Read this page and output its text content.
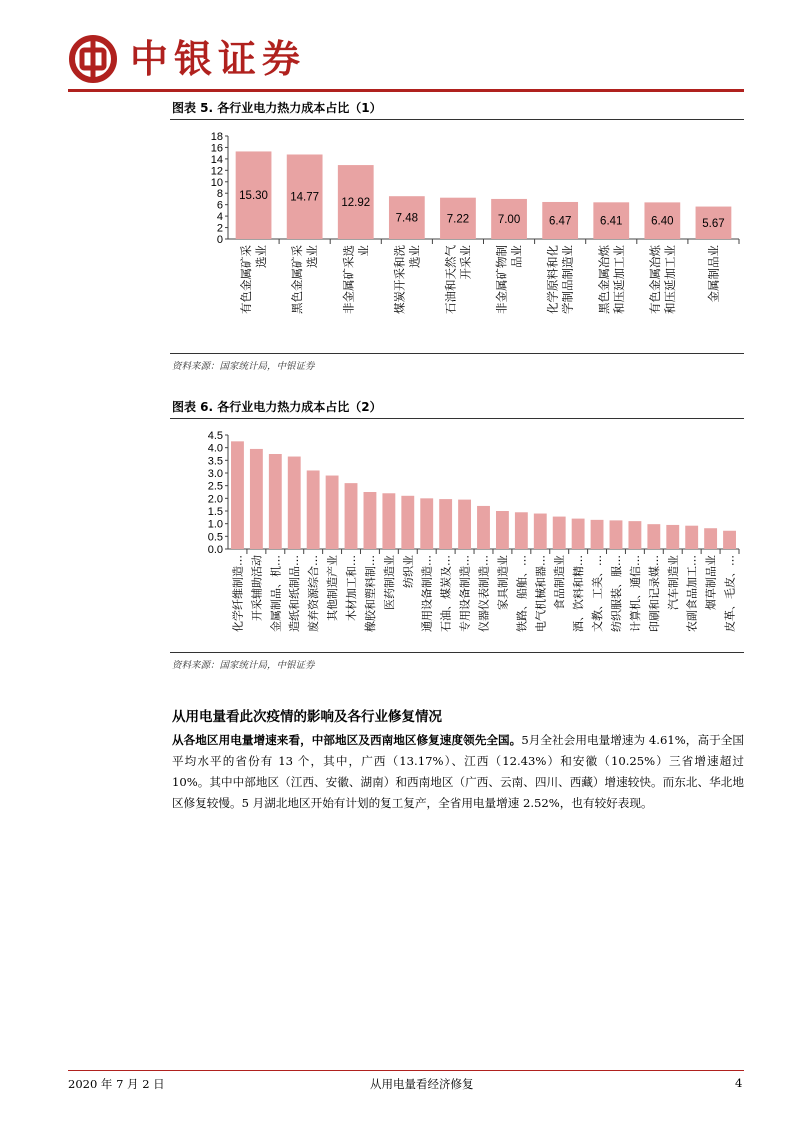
中银证券
图表 5. 各行业电力热力成本占比（1）
0
2
4
6
8
10
12
14
16
18
15.30
有色金属矿采 选业
14.77
黑色金属矿采 选业
12.92
非金属矿采选 业
7.48
煤炭开采和洗 选业
7.22
石油和天然气 开采业
7.00
非金属矿物制 品业
6.47
化学原料和化 学制品制造业
6.41
黑色金属冶炼 和压延加工业
6.40
有色金属冶炼 和压延加工业
5.67
金属制品业
资料来源：国家统计局，中银证券
图表 6. 各行业电力热力成本占比（2）
0.0
0.5
1.0
1.5
2.0
2.5
3.0
3.5
4.0
4.5
化学纤维制造… 开采辅助活动 金属制品、机… 造纸和纸制品… 废弃资源综合… 其他制造产业 木材加工和… 橡胶和塑料制… 医药制造业 纺织业 通用设备制造… 石油、煤炭及… 专用设备制造… 仪器仪表制造… 家具制造业 铁路、船舶、… 电气机械和器… 食品制造业 酒、饮料和精… 文教、工美、… 纺织服装、服… 计算机、通信… 印刷和记录媒… 汽车制造业 农副食品加工… 烟草制品业 皮革、毛皮、…
资料来源：国家统计局，中银证券
从用电量看此次疫情的影响及各行业修复情况
从各地区用电量增速来看，中部地区及西南地区修复速度领先全国。5月全社会用电量增速为 4.61%，高于全国平均水平的省份有 13 个，其中，广西（13.17%）、江西（12.43%）和安徽（10.25%）三省增速超过 10%。其中中部地区（江西、安徽、湖南）和西南地区（广西、云南、四川、西藏）增速较快。而东北、华北地区修复较慢。5 月湖北地区开始有计划的复工复产，全省用电量增速 2.52%，也有较好表现。
2020 年 7 月 2 日	从用电量看经济修复	4
